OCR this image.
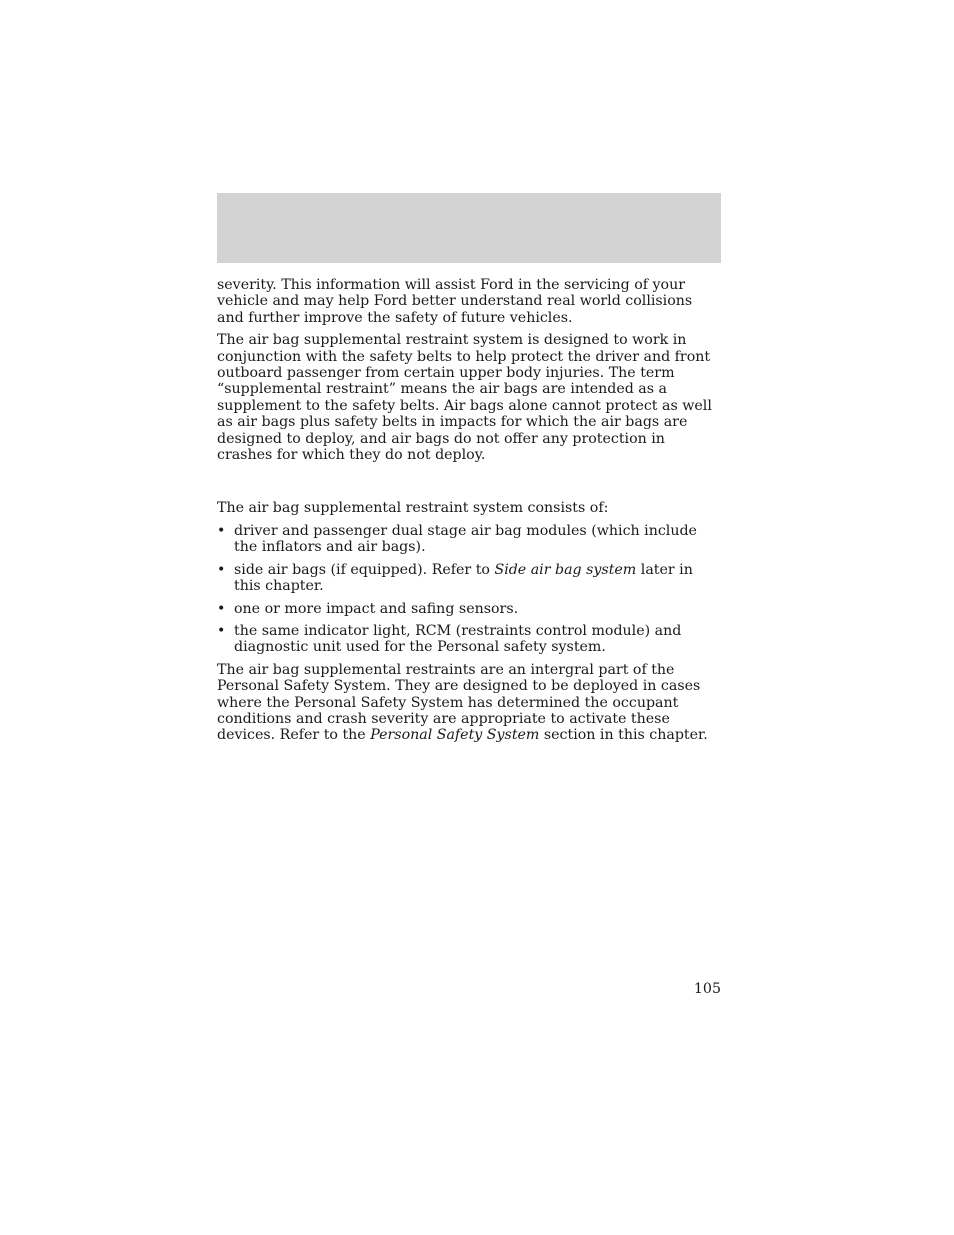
severity. This information will assist Ford in the servicing of your vehicle and may help Ford better understand real world collisions and further improve the safety of future vehicles.

The air bag supplemental restraint system is designed to work in conjunction with the safety belts to help protect the driver and front outboard passenger from certain upper body injuries. The term “supplemental restraint” means the air bags are intended as a supplement to the safety belts. Air bags alone cannot protect as well as air bags plus safety belts in impacts for which the air bags are designed to deploy, and air bags do not offer any protection in crashes for which they do not deploy.

The air bag supplemental restraint system consists of:

• driver and passenger dual stage air bag modules (which include the inflators and air bags).
• side air bags (if equipped). Refer to Side air bag system later in this chapter.
• one or more impact and safing sensors.
• the same indicator light, RCM (restraints control module) and diagnostic unit used for the Personal safety system.

The air bag supplemental restraints are an intergral part of the Personal Safety System. They are designed to be deployed in cases where the Personal Safety System has determined the occupant conditions and crash severity are appropriate to activate these devices. Refer to the Personal Safety System section in this chapter.

105
